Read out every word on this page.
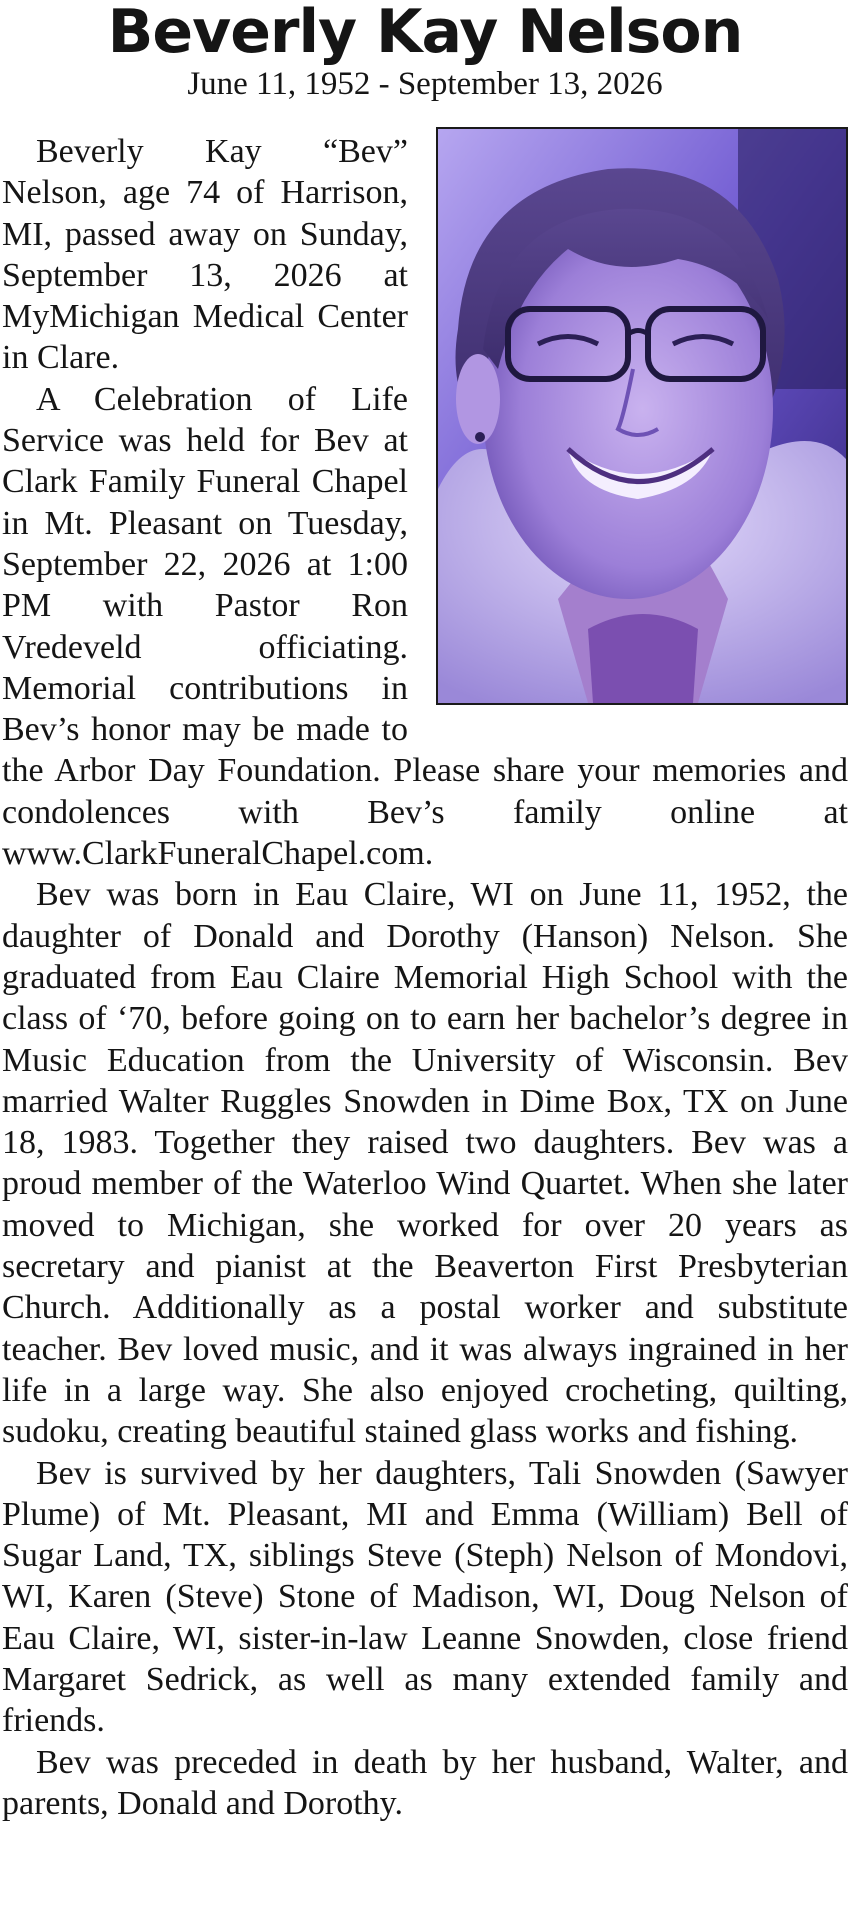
Beverly Kay Nelson
June 11, 1952 - September 13, 2026

Beverly Kay “Bev” Nelson, age 74 of Harrison, MI, passed away on Sunday, September 13, 2026 at MyMichigan Medical Center in Clare.

A Celebration of Life Service was held for Bev at Clark Family Funeral Chapel in Mt. Pleasant on Tuesday, September 22, 2026 at 1:00 PM with Pastor Ron Vredeveld officiating. Memorial contributions in Bev’s honor may be made to the Arbor Day Foundation. Please share your memories and condolences with Bev’s family online at www.ClarkFuneralChapel.com.

Bev was born in Eau Claire, WI on June 11, 1952, the daughter of Donald and Dorothy (Hanson) Nelson. She graduated from Eau Claire Memorial High School with the class of ‘70, before going on to earn her bachelor’s degree in Music Education from the University of Wisconsin. Bev married Walter Ruggles Snowden in Dime Box, TX on June 18, 1983. Together they raised two daughters. Bev was a proud member of the Waterloo Wind Quartet. When she later moved to Michigan, she worked for over 20 years as secretary and pianist at the Beaverton First Presbyterian Church. Additionally as a postal worker and substitute teacher. Bev loved music, and it was always ingrained in her life in a large way. She also enjoyed crocheting, quilting, sudoku, creating beautiful stained glass works and fishing.

Bev is survived by her daughters, Tali Snowden (Sawyer Plume) of Mt. Pleasant, MI and Emma (William) Bell of Sugar Land, TX, siblings Steve (Steph) Nelson of Mondovi, WI, Karen (Steve) Stone of Madison, WI, Doug Nelson of Eau Claire, WI, sister-in-law Leanne Snowden, close friend Margaret Sedrick, as well as many extended family and friends.

Bev was preceded in death by her husband, Walter, and parents, Donald and Dorothy.
